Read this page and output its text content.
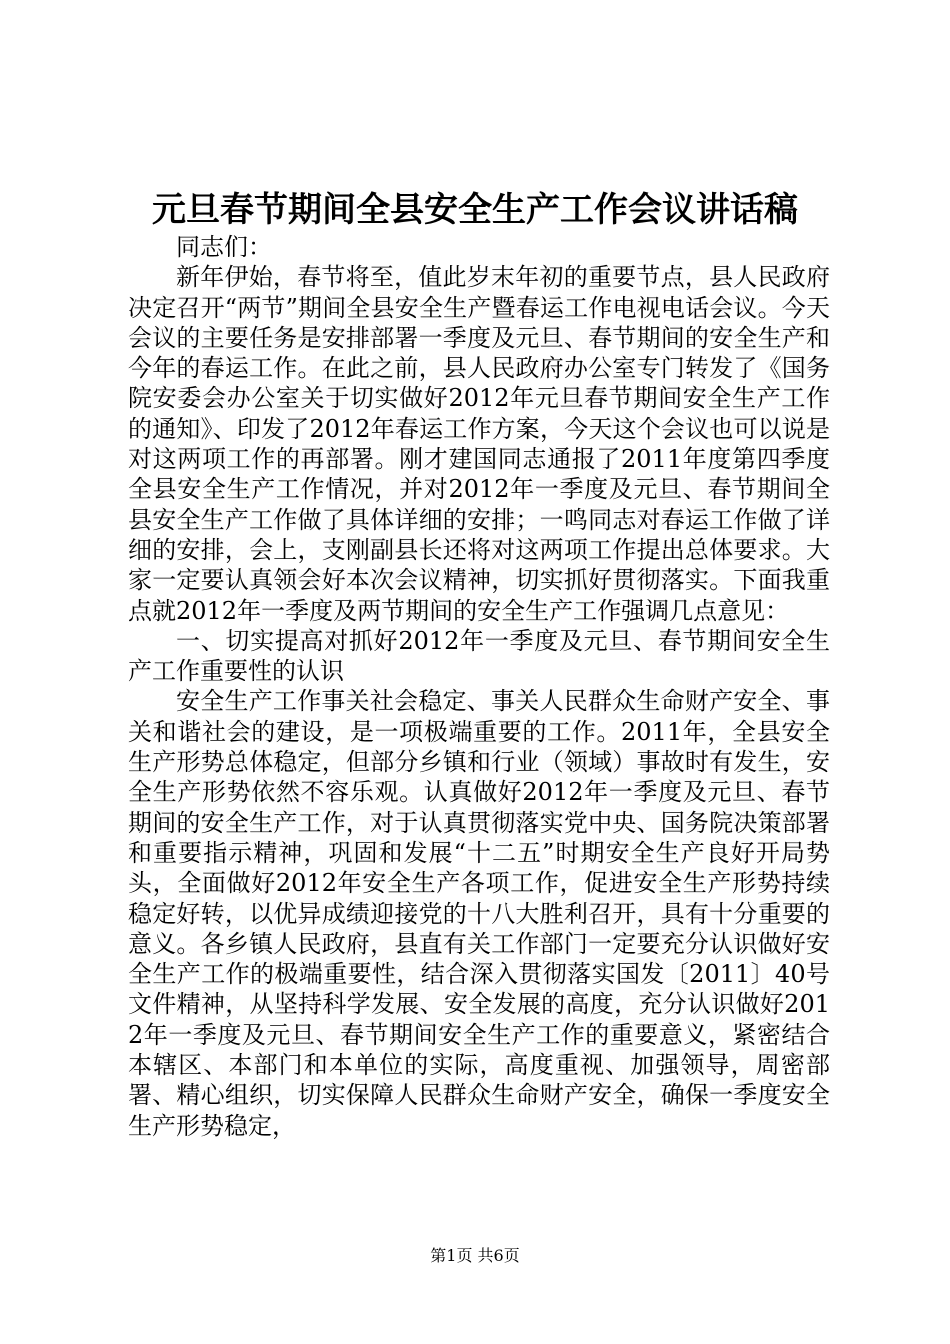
元旦春节期间全县安全生产工作会议讲话稿

同志们：

新年伊始，春节将至，值此岁末年初的重要节点，县人民政府决定召开“两节”期间全县安全生产暨春运工作电视电话会议。今天会议的主要任务是安排部署一季度及元旦、春节期间的安全生产和今年的春运工作。在此之前，县人民政府办公室专门转发了《国务院安委会办公室关于切实做好2012年元旦春节期间安全生产工作的通知》、印发了2012年春运工作方案，今天这个会议也可以说是对这两项工作的再部署。刚才建国同志通报了2011年度第四季度全县安全生产工作情况，并对2012年一季度及元旦、春节期间全县安全生产工作做了具体详细的安排；一鸣同志对春运工作做了详细的安排，会上，支刚副县长还将对这两项工作提出总体要求。大家一定要认真领会好本次会议精神，切实抓好贯彻落实。下面我重点就2012年一季度及两节期间的安全生产工作强调几点意见：

一、切实提高对抓好2012年一季度及元旦、春节期间安全生产工作重要性的认识

安全生产工作事关社会稳定、事关人民群众生命财产安全、事关和谐社会的建设，是一项极端重要的工作。2011年，全县安全生产形势总体稳定，但部分乡镇和行业（领域）事故时有发生，安全生产形势依然不容乐观。认真做好2012年一季度及元旦、春节期间的安全生产工作，对于认真贯彻落实党中央、国务院决策部署和重要指示精神，巩固和发展“十二五”时期安全生产良好开局势头，全面做好2012年安全生产各项工作，促进安全生产形势持续稳定好转，以优异成绩迎接党的十八大胜利召开，具有十分重要的意义。各乡镇人民政府，县直有关工作部门一定要充分认识做好安全生产工作的极端重要性，结合深入贯彻落实国发〔2011〕40号文件精神，从坚持科学发展、安全发展的高度，充分认识做好2012年一季度及元旦、春节期间安全生产工作的重要意义，紧密结合本辖区、本部门和本单位的实际，高度重视、加强领导，周密部署、精心组织，切实保障人民群众生命财产安全，确保一季度安全生产形势稳定，

第1页 共6页
